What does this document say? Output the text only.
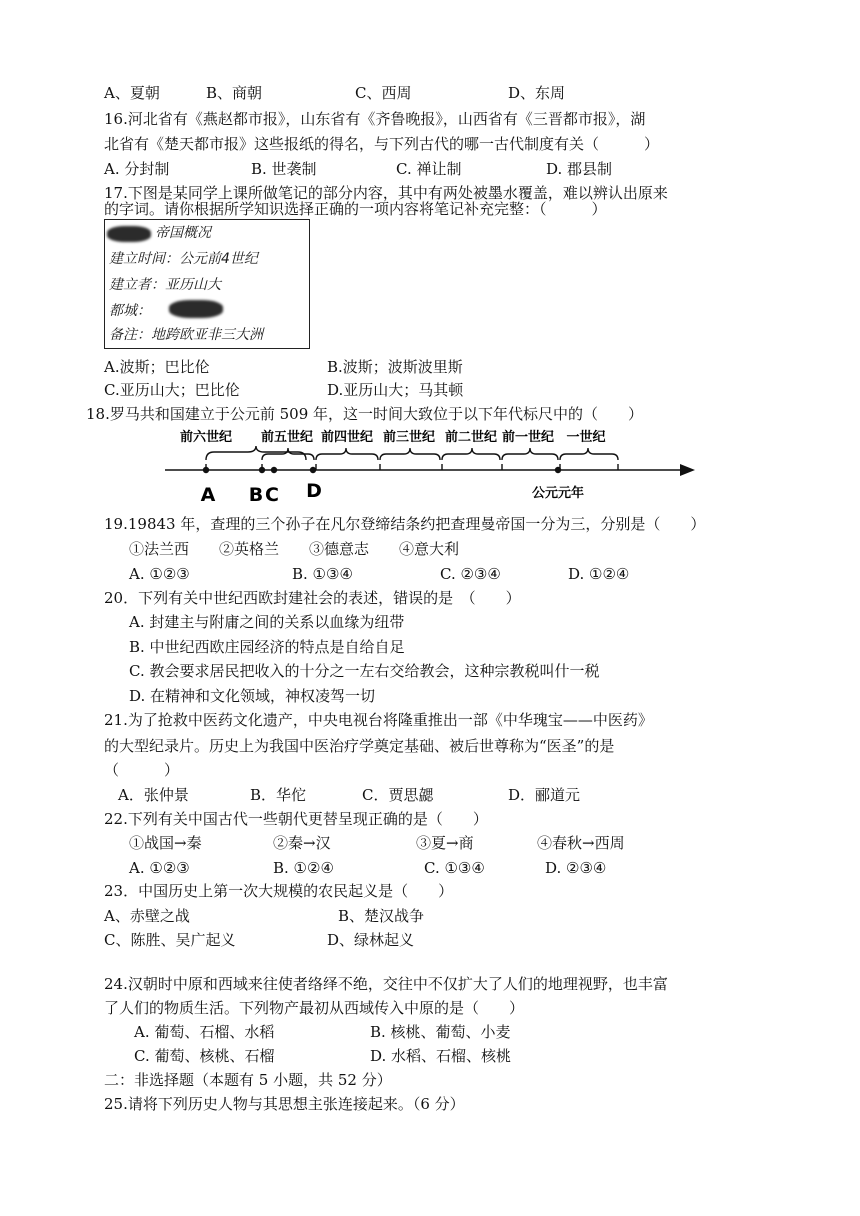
A、夏朝	B、商朝	C、西周	D、东周
16.河北省有《燕赵都市报》，山东省有《齐鲁晚报》，山西省有《三晋都市报》，湖
北省有《楚天都市报》这些报纸的得名，与下列古代的哪一古代制度有关（　　　）
A. 分封制	B. 世袭制	C. 禅让制	D. 郡县制
17.下图是某同学上课所做笔记的部分内容，其中有两处被墨水覆盖，难以辨认出原来
的字词。请你根据所学知识选择正确的一项内容将笔记补充完整：（　　　）
帝国概况
建立时间：公元前4世纪
建立者：亚历山大
都城：
备注：地跨欧亚非三大洲
A.波斯；巴比伦	B.波斯；波斯波里斯
C.亚历山大；巴比伦	D.亚历山大；马其顿
18.罗马共和国建立于公元前 509 年，这一时间大致位于以下年代标尺中的（　　）
前六世纪 前五世纪 前四世纪 前三世纪 前二世纪 前一世纪 一世纪
A B C D	公元元年
19.19843 年，查理的三个孙子在凡尔登缔结条约把查理曼帝国一分为三，分别是（　　）
①法兰西　　②英格兰　　③德意志　　④意大利
A. ①②③	B. ①③④	C. ②③④	D. ①②④
20．下列有关中世纪西欧封建社会的表述，错误的是　（　　）
A. 封建主与附庸之间的关系以血缘为纽带
B. 中世纪西欧庄园经济的特点是自给自足
C. 教会要求居民把收入的十分之一左右交给教会，这种宗教税叫什一税
D. 在精神和文化领域，神权凌驾一切
21.为了抢救中医药文化遗产，中央电视台将隆重推出一部《中华瑰宝——中医药》
的大型纪录片。历史上为我国中医治疗学奠定基础、被后世尊称为“医圣”的是
（　　　）
A．张仲景	B．华佗	C．贾思勰	D．郦道元
22.下列有关中国古代一些朝代更替呈现正确的是（　　）
①战国→秦	②秦→汉	③夏→商	④春秋→西周
A. ①②③	B. ①②④	C. ①③④	D. ②③④
23．中国历史上第一次大规模的农民起义是（　　）
A、赤壁之战	B、楚汉战争
C、陈胜、吴广起义	D、绿林起义
24.汉朝时中原和西域来往使者络绎不绝，交往中不仅扩大了人们的地理视野，也丰富
了人们的物质生活。下列物产最初从西域传入中原的是（　　）
A. 葡萄、石榴、水稻	B. 核桃、葡萄、小麦
C. 葡萄、核桃、石榴	D. 水稻、石榴、核桃
二：非选择题（本题有 5 小题，共 52 分）
25.请将下列历史人物与其思想主张连接起来。（6 分）
